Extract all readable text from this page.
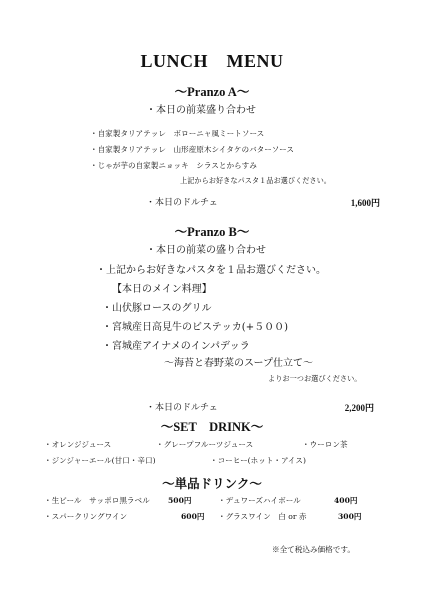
LUNCH　MENU
～Pranzo A～
・本日の前菜盛り合わせ
・自家製タリアテッレ　ボローニャ風ミートソース
・自家製タリアテッレ　山形産原木シイタケのバターソース
・じゃが芋の自家製ニョッキ　シラスとからすみ
上記からお好きなパスタ１品お選びください。
・本日のドルチェ	1,600円
～Pranzo B～
・本日の前菜の盛り合わせ
・上記からお好きなパスタを１品お選びください。
【本日のメイン料理】
・山伏豚ロースのグリル
・宮城産日高見牛のビステッカ(+５００)
・宮城産アイナメのインパデッラ
～海苔と春野菜のスープ仕立て～
よりお一つお選びください。
・本日のドルチェ	2,200円
～SET　DRINK～
・オレンジジュース	・グレープフルーツジュース	・ウーロン茶
・ジンジャーエール(甘口・辛口)	・コーヒー(ホット・アイス)
～単品ドリンク～
・生ビール　サッポロ黒ラベル 500円	・デュワーズハイボール	400円
・スパークリングワイン	600円 ・グラスワイン　白 or 赤	300円
※全て税込み価格です。
